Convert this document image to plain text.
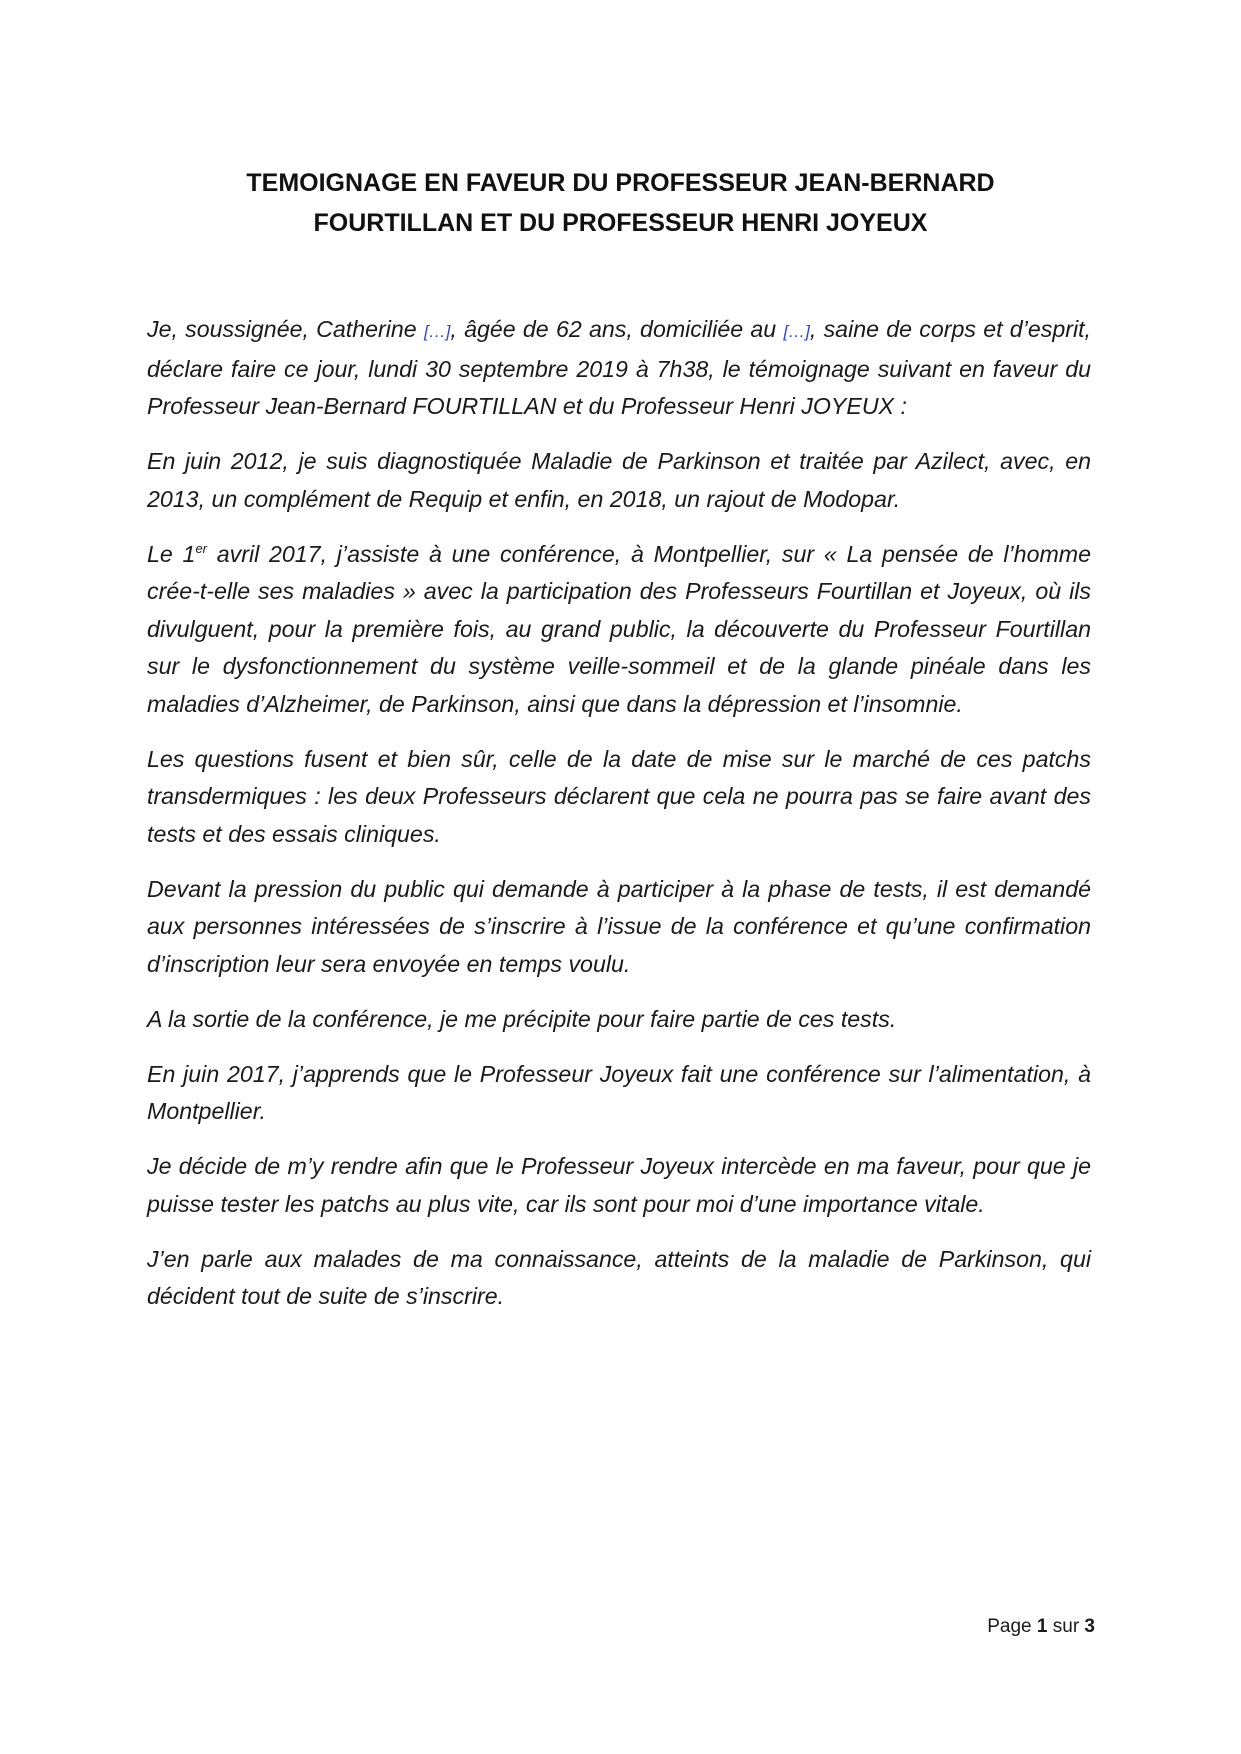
TEMOIGNAGE EN FAVEUR DU PROFESSEUR JEAN-BERNARD
FOURTILLAN ET DU PROFESSEUR HENRI JOYEUX

Je, soussignée, Catherine […], âgée de 62 ans, domiciliée au […], saine de corps et d’esprit, déclare faire ce jour, lundi 30 septembre 2019 à 7h38, le témoignage suivant en faveur du Professeur Jean-Bernard FOURTILLAN et du Professeur Henri JOYEUX :

En juin 2012, je suis diagnostiquée Maladie de Parkinson et traitée par Azilect, avec, en 2013, un complément de Requip et enfin, en 2018, un rajout de Modopar.

Le 1er avril 2017, j’assiste à une conférence, à Montpellier, sur « La pensée de l’homme crée-t-elle ses maladies » avec la participation des Professeurs Fourtillan et Joyeux, où ils divulguent, pour la première fois, au grand public, la découverte du Professeur Fourtillan sur le dysfonctionnement du système veille-sommeil et de la glande pinéale dans les maladies d’Alzheimer, de Parkinson, ainsi que dans la dépression et l’insomnie.

Les questions fusent et bien sûr, celle de la date de mise sur le marché de ces patchs transdermiques : les deux Professeurs déclarent que cela ne pourra pas se faire avant des tests et des essais cliniques.

Devant la pression du public qui demande à participer à la phase de tests, il est demandé aux personnes intéressées de s’inscrire à l’issue de la conférence et qu’une confirmation d’inscription leur sera envoyée en temps voulu.

A la sortie de la conférence, je me précipite pour faire partie de ces tests.

En juin 2017, j’apprends que le Professeur Joyeux fait une conférence sur l’alimentation, à Montpellier.

Je décide de m’y rendre afin que le Professeur Joyeux intercède en ma faveur, pour que je puisse tester les patchs au plus vite, car ils sont pour moi d’une importance vitale.

J’en parle aux malades de ma connaissance, atteints de la maladie de Parkinson, qui décident tout de suite de s’inscrire.

Page 1 sur 3
